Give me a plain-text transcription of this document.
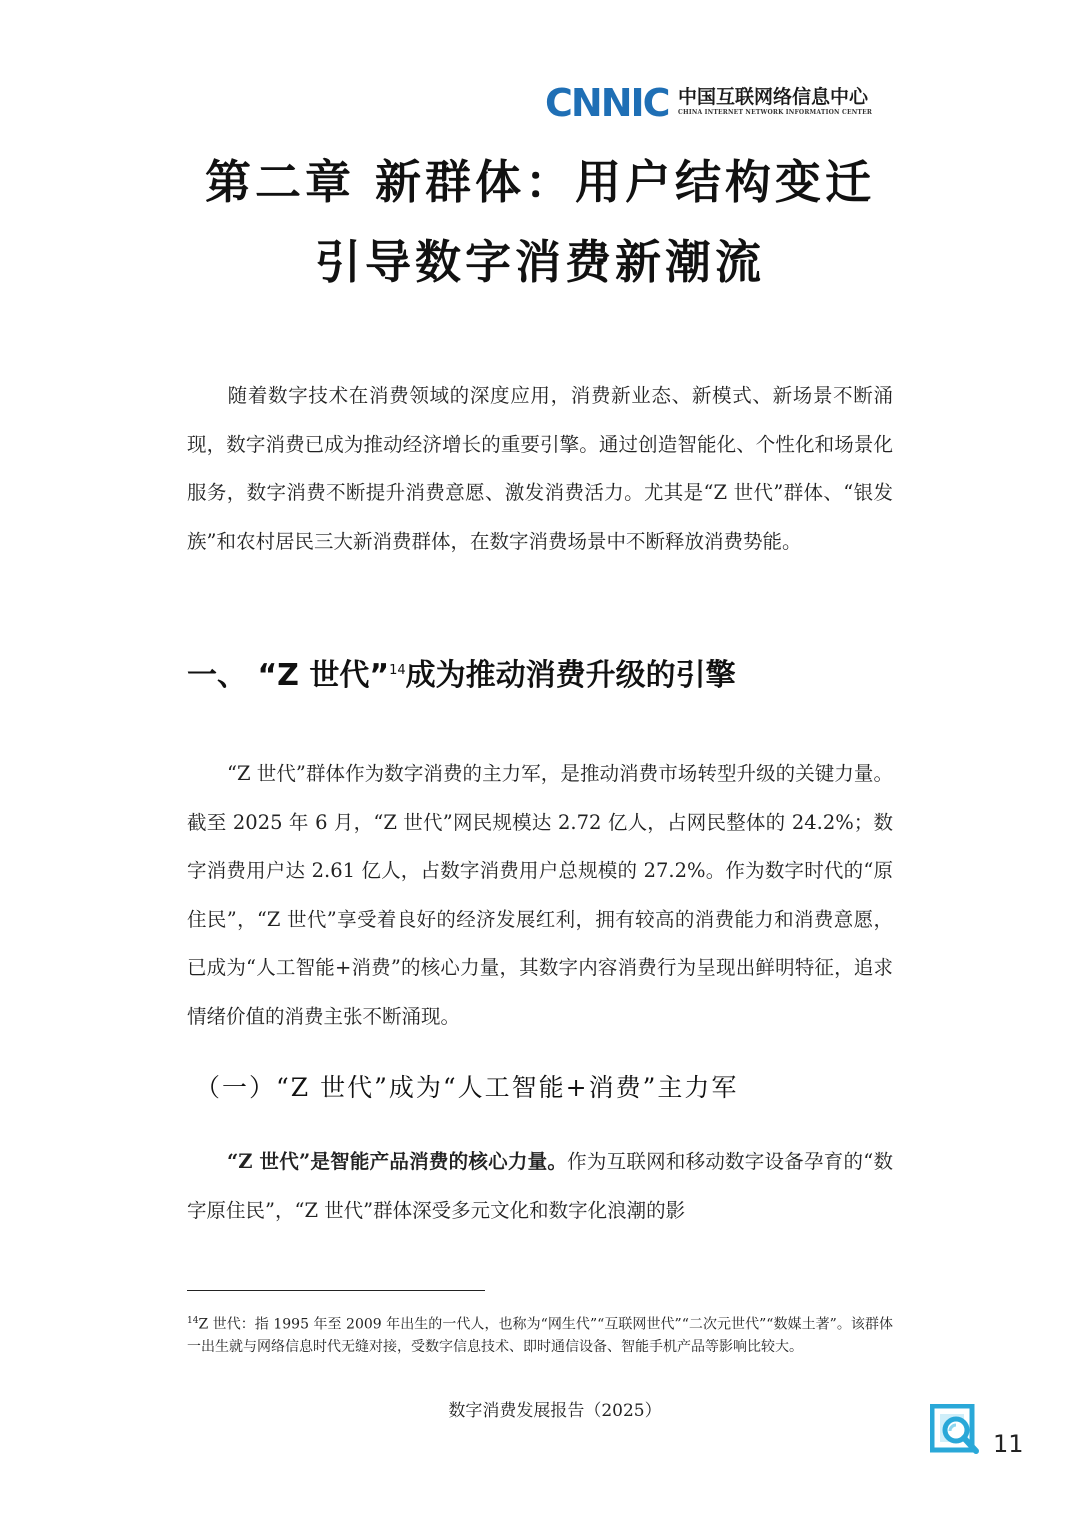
CNNIC 中国互联网络信息中心
CHINA INTERNET NETWORK INFORMATION CENTER
第二章 新群体：用户结构变迁
引导数字消费新潮流

随着数字技术在消费领域的深度应用，消费新业态、新模式、新场景不断涌现，数字消费已成为推动经济增长的重要引擎。通过创造智能化、个性化和场景化服务，数字消费不断提升消费意愿、激发消费活力。尤其是“Z 世代”群体、“银发族”和农村居民三大新消费群体，在数字消费场景中不断释放消费势能。

一、 “Z 世代”$^{14}$成为推动消费升级的引擎

“Z 世代”群体作为数字消费的主力军，是推动消费市场转型升级的关键力量。截至 2025 年 6 月，“Z 世代”网民规模达 2.72 亿人，占网民整体的 24.2%；数字消费用户达 2.61 亿人，占数字消费用户总规模的 27.2%。作为数字时代的“原住民”，“Z 世代”享受着良好的经济发展红利，拥有较高的消费能力和消费意愿，已成为“人工智能+消费”的核心力量，其数字内容消费行为呈现出鲜明特征，追求情绪价值的消费主张不断涌现。

（一）“Z 世代”成为“人工智能+消费”主力军

“Z 世代”是智能产品消费的核心力量。作为互联网和移动数字设备孕育的“数字原住民”，“Z 世代”群体深受多元文化和数字化浪潮的影

$^{14}$Z 世代：指 1995 年至 2009 年出生的一代人，也称为“网生代”“互联网世代”“二次元世代”“数媒土著”。该群体一出生就与网络信息时代无缝对接，受数字信息技术、即时通信设备、智能手机产品等影响比较大。

数字消费发展报告（2025）
11
